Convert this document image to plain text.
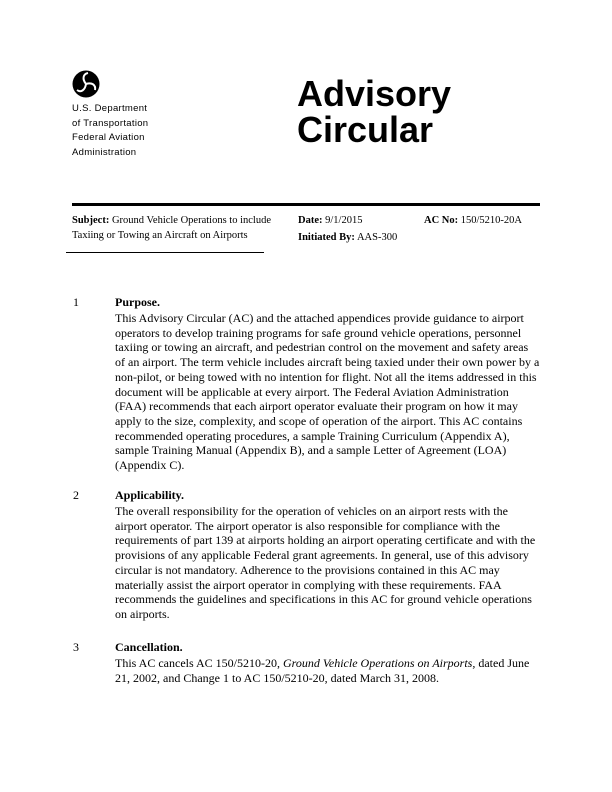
U.S. Department
of Transportation
Federal Aviation
Administration
Advisory
Circular
Subject: Ground Vehicle Operations to include
Taxiing or Towing an Aircraft on Airports
Date: 9/1/2015
Initiated By: AAS-300
AC No: 150/5210-20A
1	Purpose.
This Advisory Circular (AC) and the attached appendices provide guidance to airport
operators to develop training programs for safe ground vehicle operations, personnel
taxiing or towing an aircraft, and pedestrian control on the movement and safety areas
of an airport. The term vehicle includes aircraft being taxied under their own power by a
non-pilot, or being towed with no intention for flight. Not all the items addressed in this
document will be applicable at every airport. The Federal Aviation Administration
(FAA) recommends that each airport operator evaluate their program on how it may
apply to the size, complexity, and scope of operation of the airport. This AC contains
recommended operating procedures, a sample Training Curriculum (Appendix A),
sample Training Manual (Appendix B), and a sample Letter of Agreement (LOA)
(Appendix C).
2	Applicability.
The overall responsibility for the operation of vehicles on an airport rests with the
airport operator. The airport operator is also responsible for compliance with the
requirements of part 139 at airports holding an airport operating certificate and with the
provisions of any applicable Federal grant agreements. In general, use of this advisory
circular is not mandatory. Adherence to the provisions contained in this AC may
materially assist the airport operator in complying with these requirements. FAA
recommends the guidelines and specifications in this AC for ground vehicle operations
on airports.
3	Cancellation.
This AC cancels AC 150/5210-20, Ground Vehicle Operations on Airports, dated June
21, 2002, and Change 1 to AC 150/5210-20, dated March 31, 2008.
